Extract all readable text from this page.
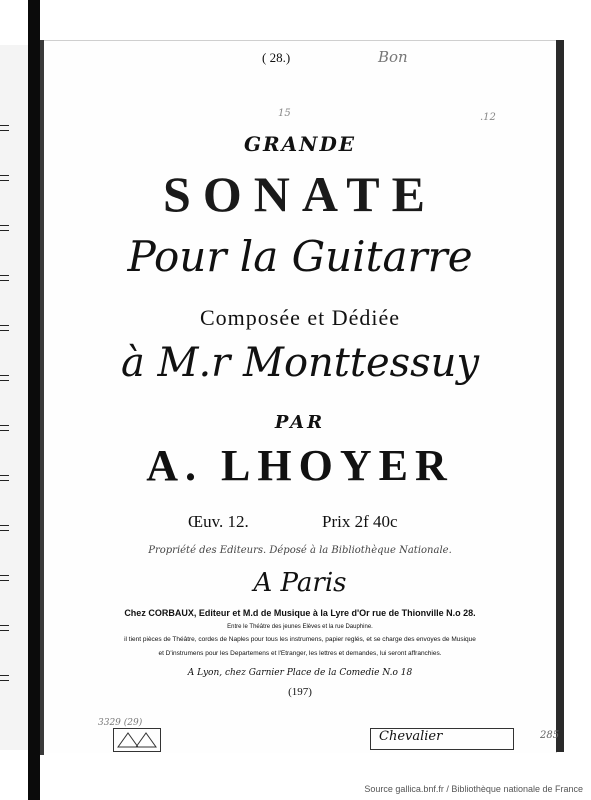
( 28.)	Bon
15	.12
GRANDE
SONATE
Pour la Guitarre
Composée et Dédiée
à M.r Monttessuy
PAR
A. LHOYER
Œuv. 12.	Prix 2f 40c
Propriété des Editeurs. Déposé à la Bibliothèque Nationale.
A Paris
Chez CORBAUX, Editeur et M.d de Musique à la Lyre d'Or rue de Thionville N.o 28.
Entre le Théâtre des jeunes Elèves et la rue Dauphine.
il tient pièces de Théâtre, cordes de Naples pour tous les instrumens, papier reglés, et se charge des envoyes de Musique
et D'instrumens pour les Departemens et l'Etranger, les lettres et demandes, lui seront affranchies.
A Lyon, chez Garnier Place de la Comedie N.o 18
(197)
3329 (29)
Chevalier	285
Source gallica.bnf.fr / Bibliothèque nationale de France
